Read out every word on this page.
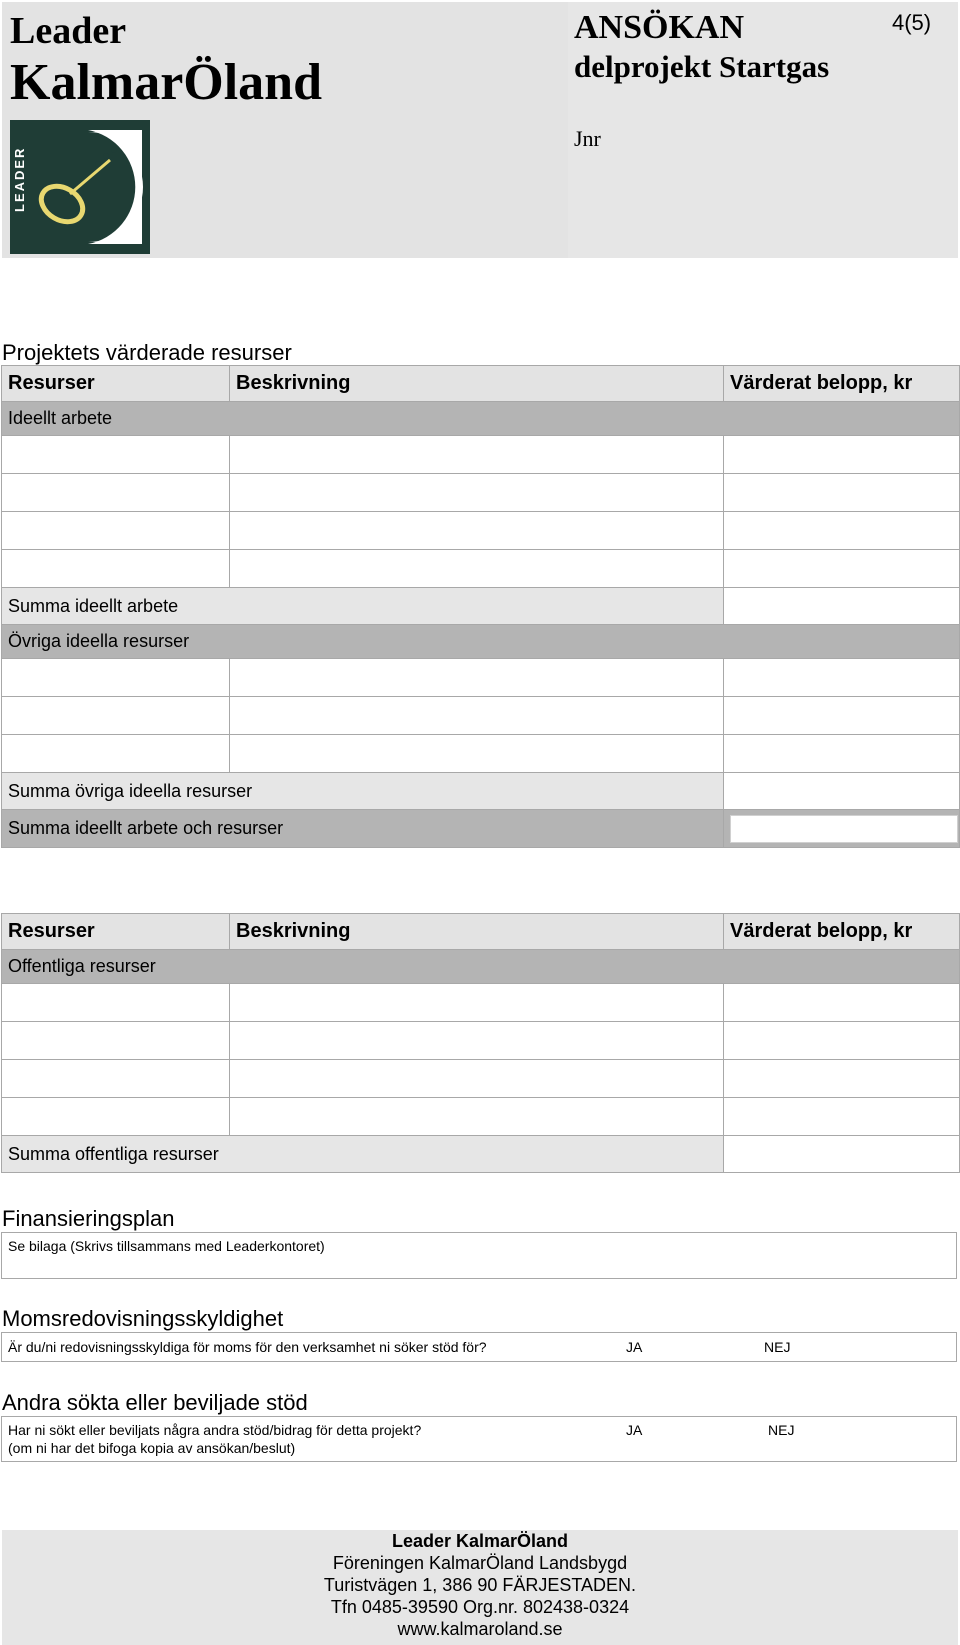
Leader
KalmarÖland
ANSÖKAN
delprojekt Startgas
Jnr
4(5)
Projektets värderade resurser
Resurser	Beskrivning	Värderat belopp, kr
Ideellt arbete		

Summa ideellt arbete		
Övriga ideella resurser		

Summa övriga ideella resurser		
Summa ideellt arbete och resurser		
Resurser	Beskrivning	Värderat belopp, kr
Offentliga resurser		

Summa offentliga resurser		
Finansieringsplan
Se bilaga (Skrivs tillsammans med Leaderkontoret)
Momsredovisningsskyldighet
Är du/ni redovisningsskyldiga för moms för den verksamhet ni söker stöd för?	JA	NEJ
Andra sökta eller beviljade stöd
Har ni sökt eller beviljats några andra stöd/bidrag för detta projekt?
(om ni har det bifoga kopia av ansökan/beslut)
JA	NEJ
Leader KalmarÖland
Föreningen KalmarÖland Landsbygd
Turistvägen 1, 386 90 FÄRJESTADEN.
Tfn 0485-39590 Org.nr. 802438-0324
www.kalmaroland.se
